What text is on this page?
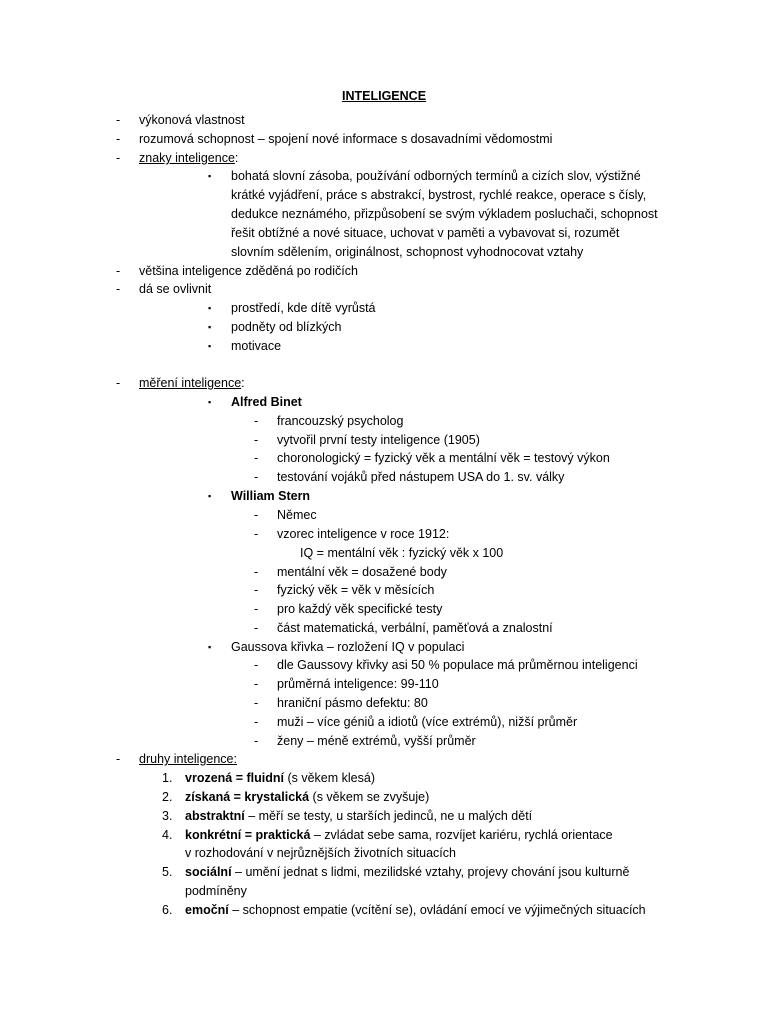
INTELIGENCE
- výkonová vlastnost
- rozumová schopnost – spojení nové informace s dosavadními vědomostmi
- znaky inteligence:
▪ bohatá slovní zásoba, používání odborných termínů a cizích slov, výstižné
krátké vyjádření, práce s abstrakcí, bystrost, rychlé reakce, operace s čísly,
dedukce neznámého, přizpůsobení se svým výkladem posluchači, schopnost
řešit obtížné a nové situace, uchovat v paměti a vybavovat si, rozumět
slovním sdělením, originálnost, schopnost vyhodnocovat vztahy
- většina inteligence zděděná po rodičích
- dá se ovlivnit
▪ prostředí, kde dítě vyrůstá
▪ podněty od blízkých
▪ motivace
- měření inteligence:
▪ Alfred Binet
- francouzský psycholog
- vytvořil první testy inteligence (1905)
- choronologický = fyzický věk a mentální věk = testový výkon
- testování vojáků před nástupem USA do 1. sv. války
▪ William Stern
- Němec
- vzorec inteligence v roce 1912:
IQ = mentální věk : fyzický věk x 100
- mentální věk = dosažené body
- fyzický věk = věk v měsících
- pro každý věk specifické testy
- část matematická, verbální, paměťová a znalostní
▪ Gaussova křivka – rozložení IQ v populaci
- dle Gaussovy křivky asi 50 % populace má průměrnou inteligenci
- průměrná inteligence: 99-110
- hraniční pásmo defektu: 80
- muži – více géniů a idiotů (více extrémů), nižší průměr
- ženy – méně extrémů, vyšší průměr
- druhy inteligence:
1. vrozená = fluidní (s věkem klesá)
2. získaná = krystalická (s věkem se zvyšuje)
3. abstraktní – měří se testy, u starších jedinců, ne u malých dětí
4. konkrétní = praktická – zvládat sebe sama, rozvíjet kariéru, rychlá orientace
v rozhodování v nejrůznějších životních situacích
5. sociální – umění jednat s lidmi, mezilidské vztahy, projevy chování jsou kulturně
podmíněny
6. emoční – schopnost empatie (vcítění se), ovládání emocí ve výjimečných situacích
